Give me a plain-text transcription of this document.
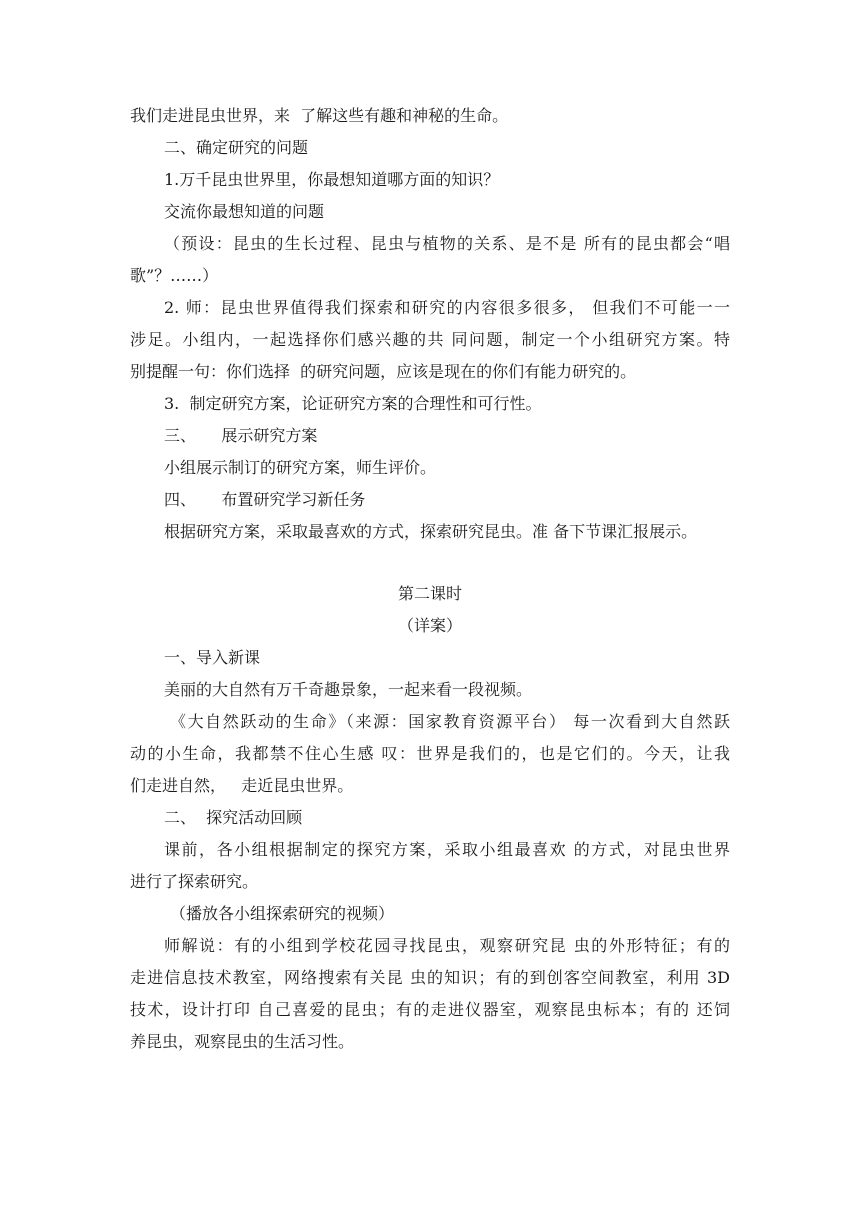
我们走进昆虫世界，来  了解这些有趣和神秘的生命。
二、确定研究的问题
1.万千昆虫世界里，你最想知道哪方面的知识？
交流你最想知道的问题
（预设：昆虫的生长过程、昆虫与植物的关系、是不是 所有的昆虫都会“唱
歌”？……）
2. 师：昆虫世界值得我们探索和研究的内容很多很多， 但我们不可能一一
涉足。小组内，一起选择你们感兴趣的共 同问题，制定一个小组研究方案。特
别提醒一句：你们选择  的研究问题，应该是现在的你们有能力研究的。
3.  制定研究方案，论证研究方案的合理性和可行性。
三、     展示研究方案
小组展示制订的研究方案，师生评价。
四、     布置研究学习新任务
根据研究方案，采取最喜欢的方式，探索研究昆虫。准 备下节课汇报展示。
第二课时
（详案）
一、导入新课
美丽的大自然有万千奇趣景象，一起来看一段视频。
《大自然跃动的生命》（来源：国家教育资源平台） 每一次看到大自然跃
动的小生命，我都禁不住心生感 叹：世界是我们的，也是它们的。今天，让我
们走进自然，   走近昆虫世界。
二、  探究活动回顾
课前，各小组根据制定的探究方案，采取小组最喜欢 的方式，对昆虫世界
进行了探索研究。
（播放各小组探索研究的视频）
师解说：有的小组到学校花园寻找昆虫，观察研究昆 虫的外形特征；有的
走进信息技术教室，网络搜索有关昆 虫的知识；有的到创客空间教室，利用 3D
技术，设计打印 自己喜爱的昆虫；有的走进仪器室，观察昆虫标本；有的 还饲
养昆虫，观察昆虫的生活习性。
